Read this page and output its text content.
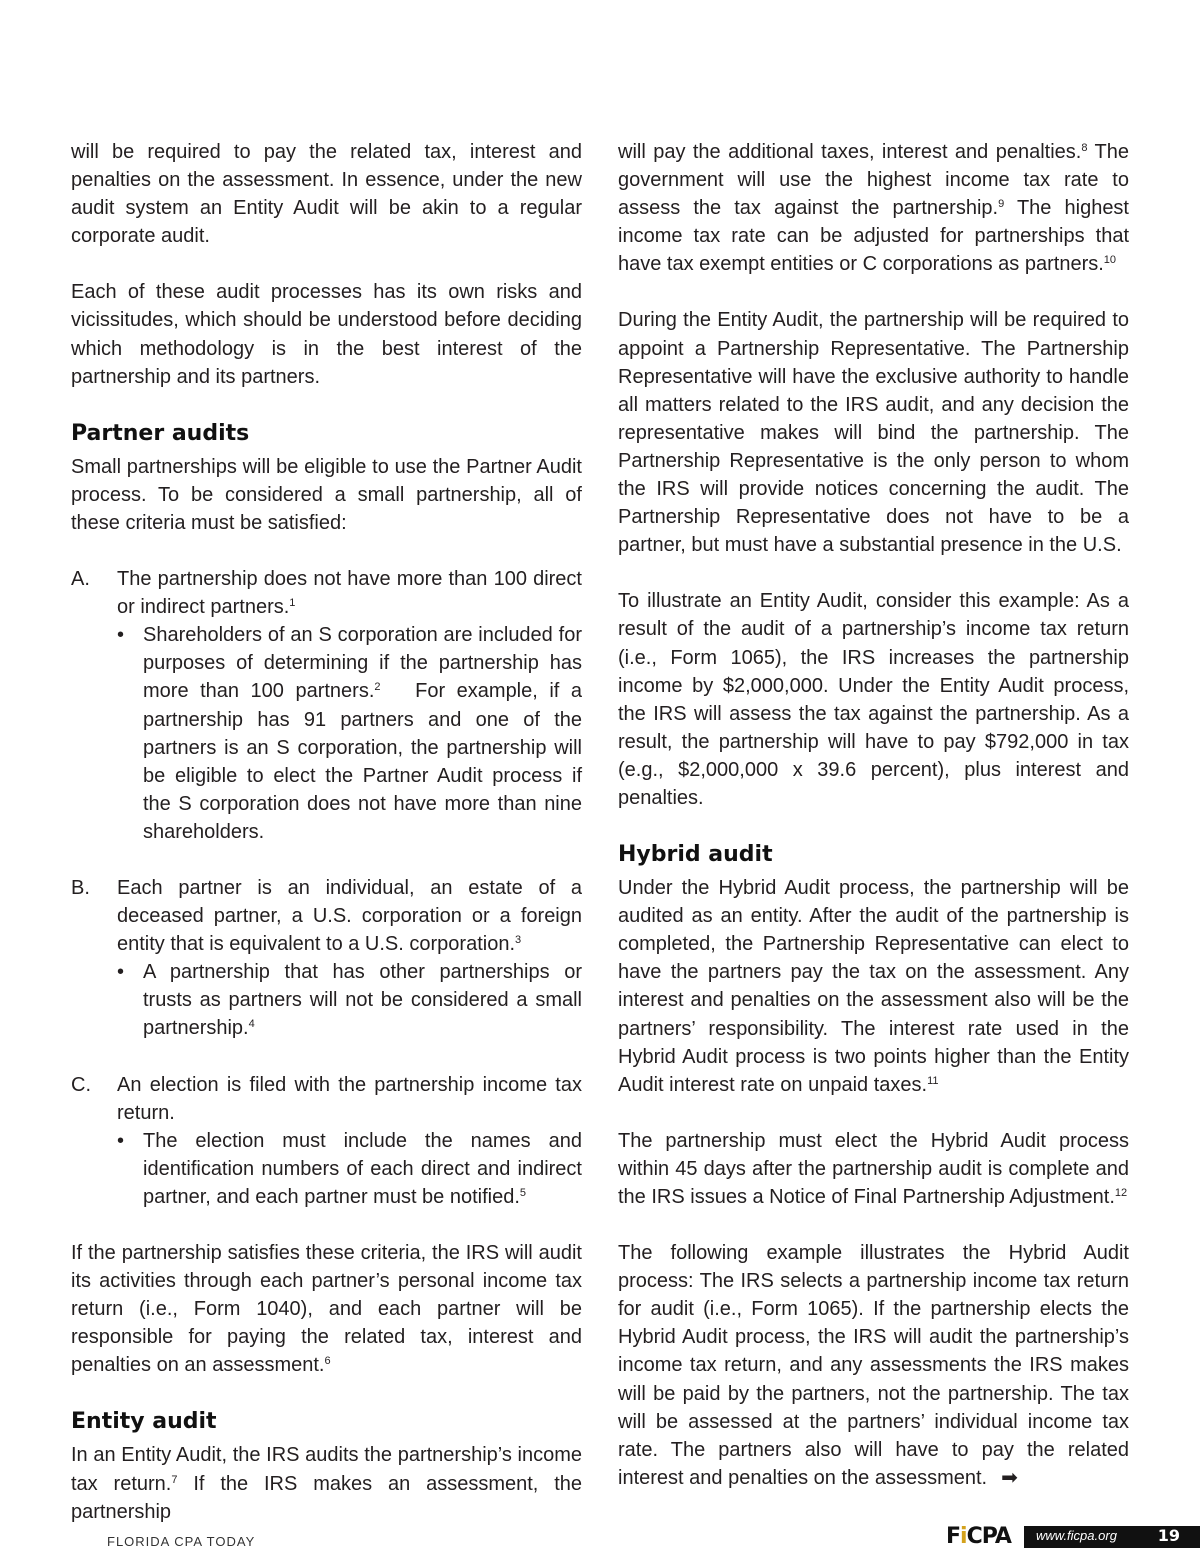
will be required to pay the related tax, interest and penalties on the assessment. In essence, under the new audit system an Entity Audit will be akin to a regular corporate audit.

Each of these audit processes has its own risks and vicissitudes, which should be understood before deciding which methodology is in the best interest of the partnership and its partners.

Partner audits

Small partnerships will be eligible to use the Partner Audit process. To be considered a small partnership, all of these criteria must be satisfied:

A. The partnership does not have more than 100 direct or indirect partners.$^1$

• Shareholders of an S corporation are included for purposes of determining if the partnership has more than 100 partners.$^2$ For example, if a partnership has 91 partners and one of the partners is an S corporation, the partnership will be eligible to elect the Partner Audit process if the S corporation does not have more than nine shareholders.

B. Each partner is an individual, an estate of a deceased partner, a U.S. corporation or a foreign entity that is equivalent to a U.S. corporation.$^3$

• A partnership that has other partnerships or trusts as partners will not be considered a small partnership.$^4$

C. An election is filed with the partnership income tax return.

• The election must include the names and identification numbers of each direct and indirect partner, and each partner must be notified.$^5$

If the partnership satisfies these criteria, the IRS will audit its activities through each partner’s personal income tax return (i.e., Form 1040), and each partner will be responsible for paying the related tax, interest and penalties on an assessment.$^6$

Entity audit

In an Entity Audit, the IRS audits the partnership’s income tax return.$^7$ If the IRS makes an assessment, the partnership

will pay the additional taxes, interest and penalties.$^8$ The government will use the highest income tax rate to assess the tax against the partnership.$^9$ The highest income tax rate can be adjusted for partnerships that have tax exempt entities or C corporations as partners.$^{10}$

During the Entity Audit, the partnership will be required to appoint a Partnership Representative. The Partnership Representative will have the exclusive authority to handle all matters related to the IRS audit, and any decision the representative makes will bind the partnership. The Partnership Representative is the only person to whom the IRS will provide notices concerning the audit. The Partnership Representative does not have to be a partner, but must have a substantial presence in the U.S.

To illustrate an Entity Audit, consider this example: As a result of the audit of a partnership’s income tax return (i.e., Form 1065), the IRS increases the partnership income by $2,000,000. Under the Entity Audit process, the IRS will assess the tax against the partnership. As a result, the partnership will have to pay $792,000 in tax (e.g., $2,000,000 x 39.6 percent), plus interest and penalties.

Hybrid audit

Under the Hybrid Audit process, the partnership will be audited as an entity. After the audit of the partnership is completed, the Partnership Representative can elect to have the partners pay the tax on the assessment. Any interest and penalties on the assessment also will be the partners’ responsibility. The interest rate used in the Hybrid Audit process is two points higher than the Entity Audit interest rate on unpaid taxes.$^{11}$

The partnership must elect the Hybrid Audit process within 45 days after the partnership audit is complete and the IRS issues a Notice of Final Partnership Adjustment.$^{12}$

The following example illustrates the Hybrid Audit process: The IRS selects a partnership income tax return for audit (i.e., Form 1065). If the partnership elects the Hybrid Audit process, the IRS will audit the partnership’s income tax return, and any assessments the IRS makes will be paid by the partners, not the partnership. The tax will be assessed at the partners’ individual income tax rate. The partners also will have to pay the related interest and penalties on the assessment. ➡

FLORIDA CPA TODAY	FiCPA www.ficpa.org	19
